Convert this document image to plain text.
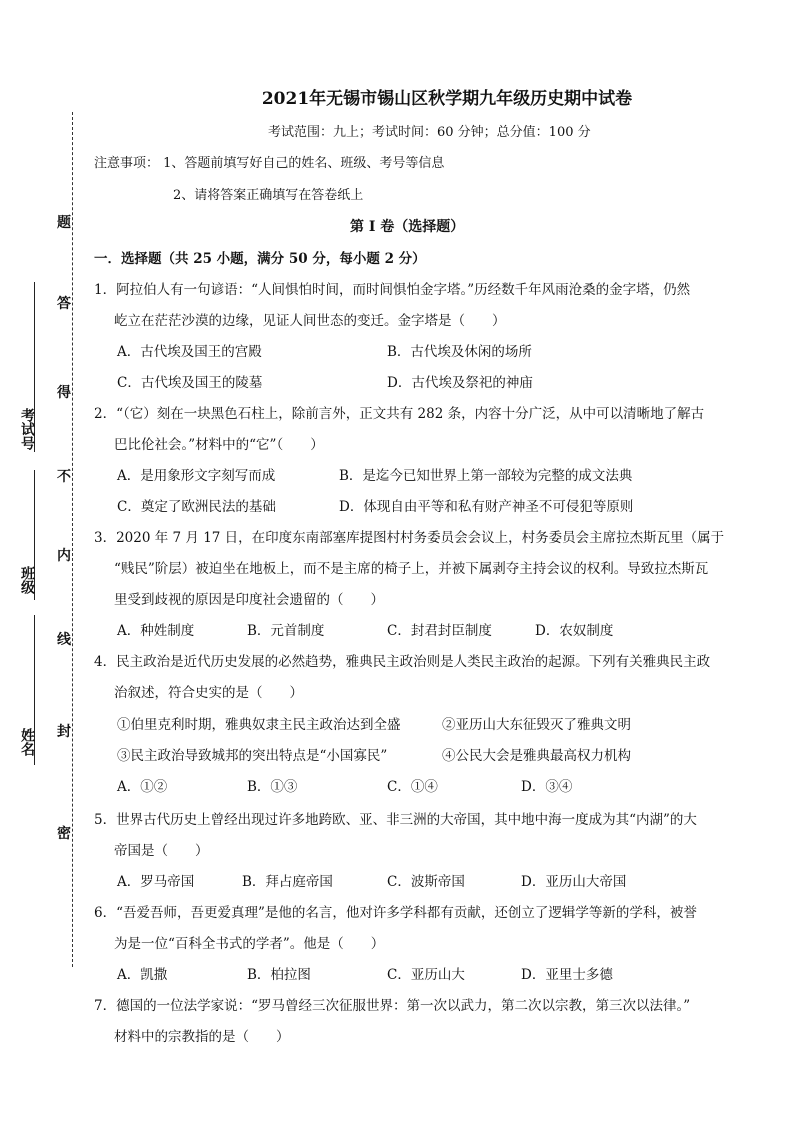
题
答
得
不
内
线
封
密
考试号
班级
姓名
2021年无锡市锡山区秋学期九年级历史期中试卷
考试范围：九上；考试时间：60 分钟；总分值：100 分
注意事项： 1、答题前填写好自己的姓名、班级、考号等信息
2、请将答案正确填写在答卷纸上
第 I 卷（选择题）
一．选择题（共 25 小题，满分 50 分，每小题 2 分）
1．阿拉伯人有一句谚语：“人间惧怕时间，而时间惧怕金字塔。”历经数千年风雨沧桑的金字塔，仍然
屹立在茫茫沙漠的边缘，见证人间世态的变迁。金字塔是（　　）
A．古代埃及国王的宫殿	B．古代埃及休闲的场所
C．古代埃及国王的陵墓	D．古代埃及祭祀的神庙
2．“（它）刻在一块黑色石柱上，除前言外，正文共有 282 条，内容十分广泛，从中可以清晰地了解古
巴比伦社会。”材料中的“它”（　　）
A．是用象形文字刻写而成	B．是迄今已知世界上第一部较为完整的成文法典
C．奠定了欧洲民法的基础	D．体现自由平等和私有财产神圣不可侵犯等原则
3．2020 年 7 月 17 日，在印度东南部塞库提图村村务委员会会议上，村务委员会主席拉杰斯瓦里（属于
“贱民”阶层）被迫坐在地板上，而不是主席的椅子上，并被下属剥夺主持会议的权利。导致拉杰斯瓦
里受到歧视的原因是印度社会遗留的（　　）
A．种姓制度	B．元首制度	C．封君封臣制度	D．农奴制度
4．民主政治是近代历史发展的必然趋势，雅典民主政治则是人类民主政治的起源。下列有关雅典民主政
治叙述，符合史实的是（　　）
①伯里克利时期，雅典奴隶主民主政治达到全盛	②亚历山大东征毁灭了雅典文明
③民主政治导致城邦的突出特点是“小国寡民”	④公民大会是雅典最高权力机构
A．①②	B．①③	C．①④	D．③④
5．世界古代历史上曾经出现过许多地跨欧、亚、非三洲的大帝国，其中地中海一度成为其“内湖”的大
帝国是（　　）
A．罗马帝国	B．拜占庭帝国	C．波斯帝国	D．亚历山大帝国
6．“吾爱吾师，吾更爱真理”是他的名言，他对许多学科都有贡献，还创立了逻辑学等新的学科，被誉
为是一位“百科全书式的学者”。他是（　　）
A．凯撒	B．柏拉图	C．亚历山大	D．亚里士多德
7．德国的一位法学家说：“罗马曾经三次征服世界：第一次以武力，第二次以宗教，第三次以法律。”
材料中的宗教指的是（　　）
